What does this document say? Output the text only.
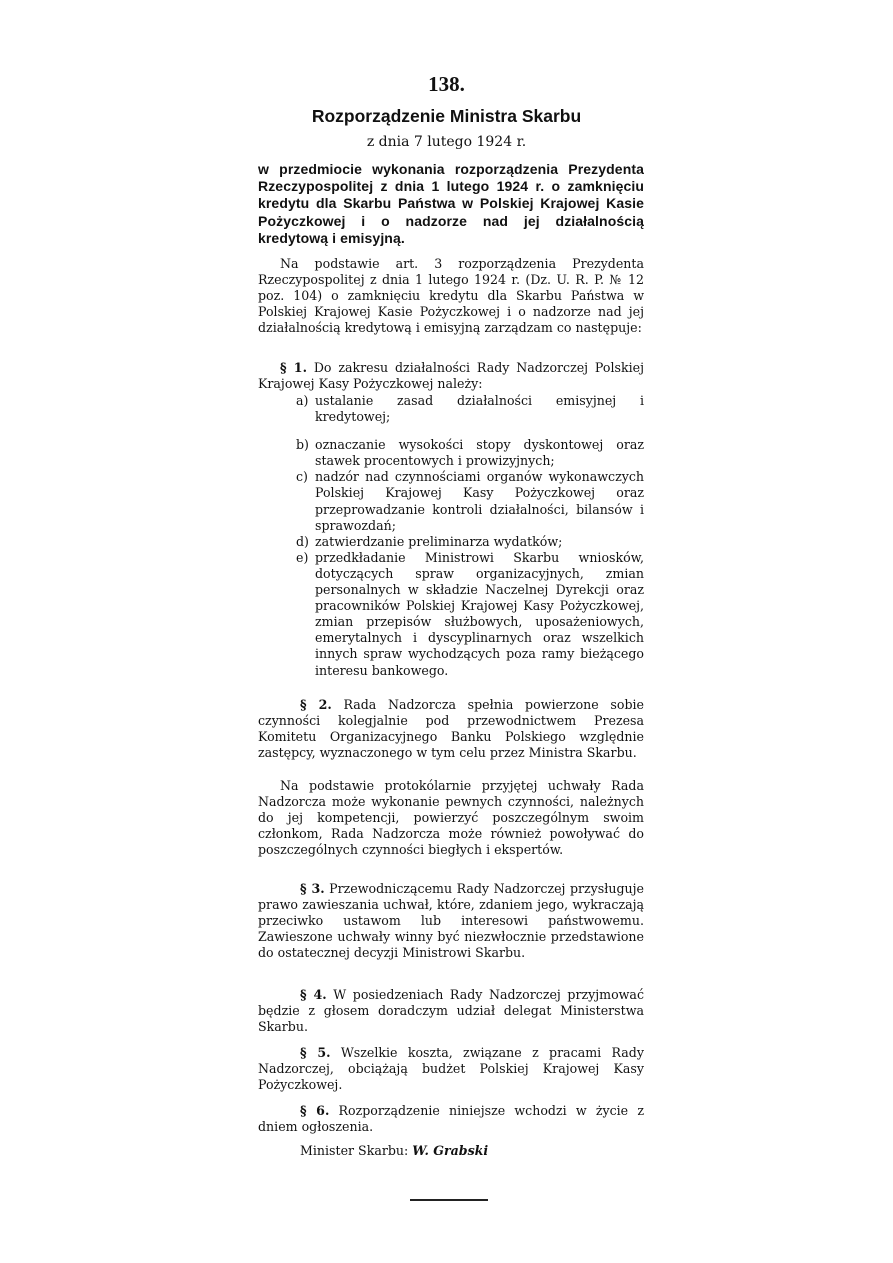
138.
Rozporządzenie Ministra Skarbu
z dnia 7 lutego 1924 r.
w przedmiocie wykonania rozporządzenia Prezydenta Rzeczypospolitej z dnia 1 lutego 1924 r. o zamknięciu kredytu dla Skarbu Państwa w Polskiej Krajowej Kasie Pożyczkowej i o nadzorze nad jej działalnością kredytową i emisyjną.
Na podstawie art. 3 rozporządzenia Prezydenta Rzeczypospolitej z dnia 1 lutego 1924 r. (Dz. U. R. P. № 12 poz. 104) o zamknięciu kredytu dla Skarbu Państwa w Polskiej Krajowej Kasie Pożyczkowej i o nadzorze nad jej działalnością kredytową i emisyjną zarządzam co następuje:
§ 1. Do zakresu działalności Rady Nadzorczej Polskiej Krajowej Kasy Pożyczkowej należy:
a) ustalanie zasad działalności emisyjnej i kredytowej;
b) oznaczanie wysokości stopy dyskontowej oraz stawek procentowych i prowizyjnych;
c) nadzór nad czynnościami organów wykonawczych Polskiej Krajowej Kasy Pożyczkowej oraz przeprowadzanie kontroli działalności, bilansów i sprawozdań;
d) zatwierdzanie preliminarza wydatków;
e) przedkładanie Ministrowi Skarbu wniosków, dotyczących spraw organizacyjnych, zmian personalnych w składzie Naczelnej Dyrekcji oraz pracowników Polskiej Krajowej Kasy Pożyczkowej, zmian przepisów służbowych, uposażeniowych, emerytalnych i dyscyplinarnych oraz wszelkich innych spraw wychodzących poza ramy bieżącego interesu bankowego.
§ 2. Rada Nadzorcza spełnia powierzone sobie czynności kolegjalnie pod przewodnictwem Prezesa Komitetu Organizacyjnego Banku Polskiego względnie zastępcy, wyznaczonego w tym celu przez Ministra Skarbu.
Na podstawie protokólarnie przyjętej uchwały Rada Nadzorcza może wykonanie pewnych czynności, należnych do jej kompetencji, powierzyć poszczególnym swoim członkom, Rada Nadzorcza może również powoływać do poszczególnych czynności biegłych i ekspertów.
§ 3. Przewodniczącemu Rady Nadzorczej przysługuje prawo zawieszania uchwał, które, zdaniem jego, wykraczają przeciwko ustawom lub interesowi państwowemu. Zawieszone uchwały winny być niezwłocznie przedstawione do ostatecznej decyzji Ministrowi Skarbu.
§ 4. W posiedzeniach Rady Nadzorczej przyjmować będzie z głosem doradczym udział delegat Ministerstwa Skarbu.
§ 5. Wszelkie koszta, związane z pracami Rady Nadzorczej, obciążają budżet Polskiej Krajowej Kasy Pożyczkowej.
§ 6. Rozporządzenie niniejsze wchodzi w życie z dniem ogłoszenia.
Minister Skarbu: W. Grabski
